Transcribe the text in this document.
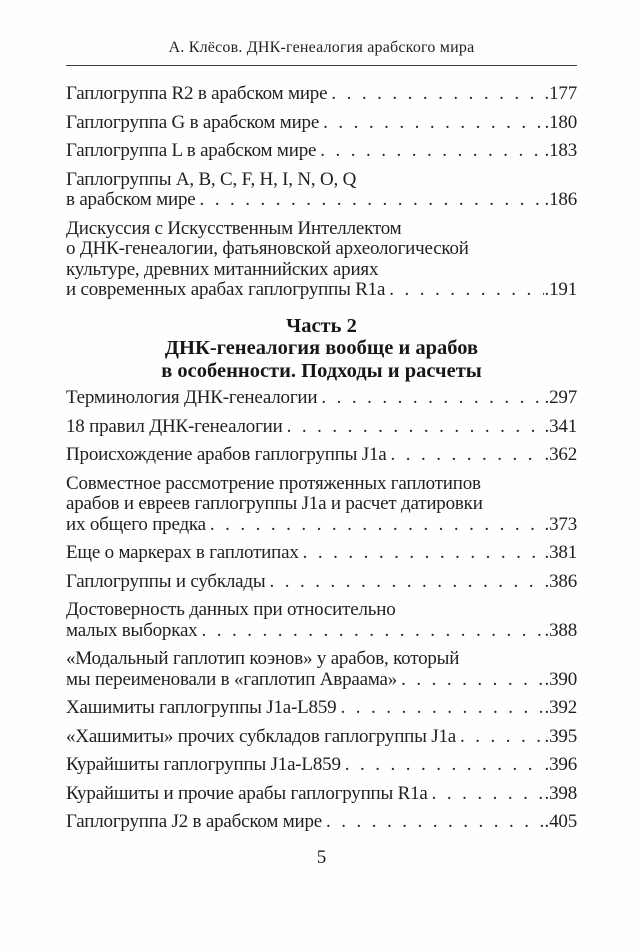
А. Клёсов. ДНК-генеалогия арабского мира
Гаплогруппа R2 в арабском мире .....	. 177
Гаплогруппа G в арабском мире .....	. 180
Гаплогруппа L в арабском мире .....	. 183
Гаплогруппы A, B, C, F, H, I, N, O, Q
в арабском мире .....	. 186
Дискуссия с Искусственным Интеллектом
о ДНК-генеалогии, фатьяновской археологической
культуре, древних митаннийских ариях
и современных арабах гаплогруппы R1a .....	. 191
Часть 2
ДНК-генеалогия вообще и арабов
в особенности. Подходы и расчеты
Терминология ДНК-генеалогии .....	. 297
18 правил ДНК-генеалогии .....	. 341
Происхождение арабов гаплогруппы J1a .....	. 362
Совместное рассмотрение протяженных гаплотипов
арабов и евреев гаплогруппы J1a и расчет датировки
их общего предка .....	. 373
Еще о маркерах в гаплотипах .....	. 381
Гаплогруппы и субклады .....	. 386
Достоверность данных при относительно
малых выборках .....	. 388
«Модальный гаплотип коэнов» у арабов, который
мы переименовали в «гаплотип Авраама» .....	. 390
Хашимиты гаплогруппы J1a-L859 .....	. 392
«Хашимиты» прочих субкладов гаплогруппы J1a .....	. 395
Курайшиты гаплогруппы J1a-L859 .....	. 396
Курайшиты и прочие арабы гаплогруппы R1a .....	. 398
Гаплогруппа J2 в арабском мире .....	. 405
5
